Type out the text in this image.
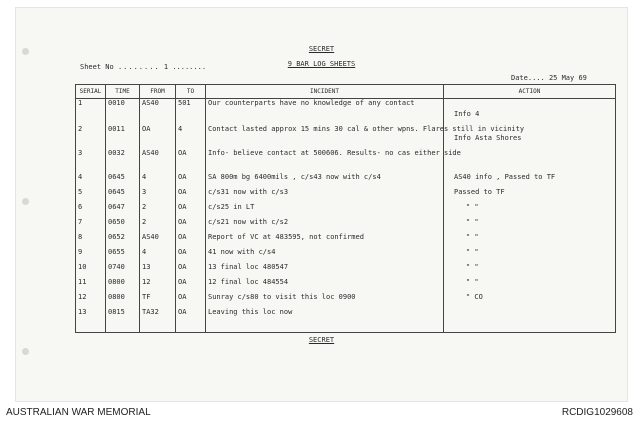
SECRET
9 BAR LOG SHEETS
Sheet No ........ 1 ........
Date.... 25 May 69
SERIAL	TIME	FROM	TO	INCIDENT	ACTION
1	0010	AS40	501	Our counterparts have no knowledge of any contact	Info 4
2	0011	OA	4	Contact lasted approx 15 mins 30 cal & other wpns. Flares still in vicinity	Info Asta Shores
3	0032	AS40	OA	Info- believe contact at 500606. Results- no cas either side	
4	0645	4	OA	SA 800m bg 6400mils , c/s43 now with c/s4	AS40 info , Passed to TF
5	0645	3	OA	c/s31 now with c/s3	Passed to TF
6	0647	2	OA	c/s25 in LT	" "
7	0650	2	OA	c/s21 now with c/s2	" "
8	0652	AS40	OA	Report of VC at 483595, not confirmed	" "
9	0655	4	OA	41 now with c/s4	" "
10	0740	13	OA	13 final loc 480547	" "
11	0800	12	OA	12 final loc 484554	" "
12	0800	TF	OA	Sunray c/s80 to visit this loc 0900	" CO
13	0815	TA32	OA	Leaving this loc now	
SECRET
AUSTRALIAN WAR MEMORIAL	RCDIG1029608
